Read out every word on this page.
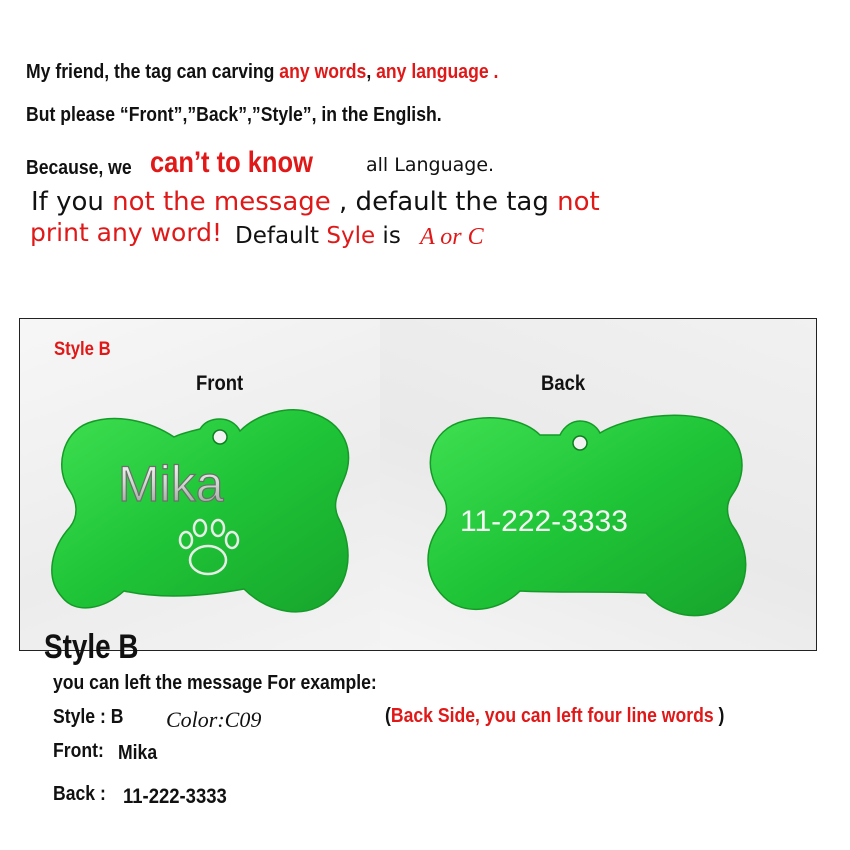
My friend, the tag can carving any words, any language .
But please “Front”,”Back”,”Style”, in the English.
Because, we can’t to know	all Language.
If you not the message , default the tag not
print any word! Default Syle is A or C
Mika
11-222-3333
Style B
Front	Back
Style B
you can left the message For example:
Style : B Color:C09	(Back Side, you can left four line words )
Front: Mika
Back : 11-222-3333
